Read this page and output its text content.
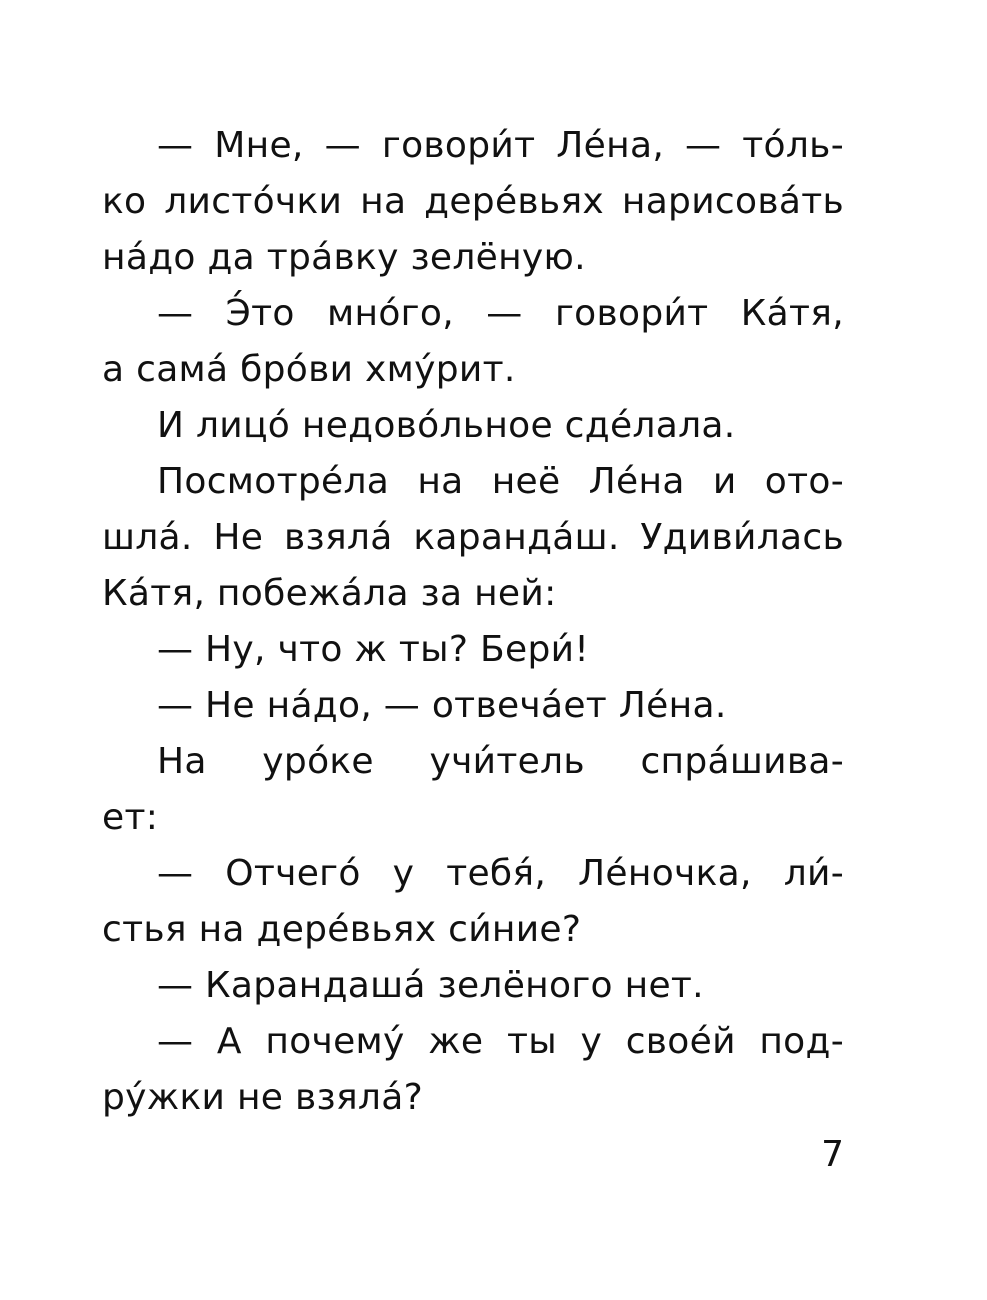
— Мне, — говори́т Ле́на, — то́ль-
ко листо́чки на дере́вьях нарисова́ть
на́до да тра́вку зелёную.
— Э́то мно́го, — говори́т Ка́тя,
а сама́ бро́ви хму́рит.
И лицо́ недово́льное сде́лала.
Посмотре́ла на неё Ле́на и ото-
шла́. Не взяла́ каранда́ш. Удиви́лась
Ка́тя, побежа́ла за ней:
— Ну, что ж ты? Бери́!
— Не на́до, — отвеча́ет Ле́на.
На уро́ке учи́тель спра́шива-
ет:
— Отчего́ у тебя́, Ле́ночка, ли́-
стья на дере́вьях си́ние?
— Карандаша́ зелёного нет.
— А почему́ же ты у свое́й под-
ру́жки не взяла́?
7
